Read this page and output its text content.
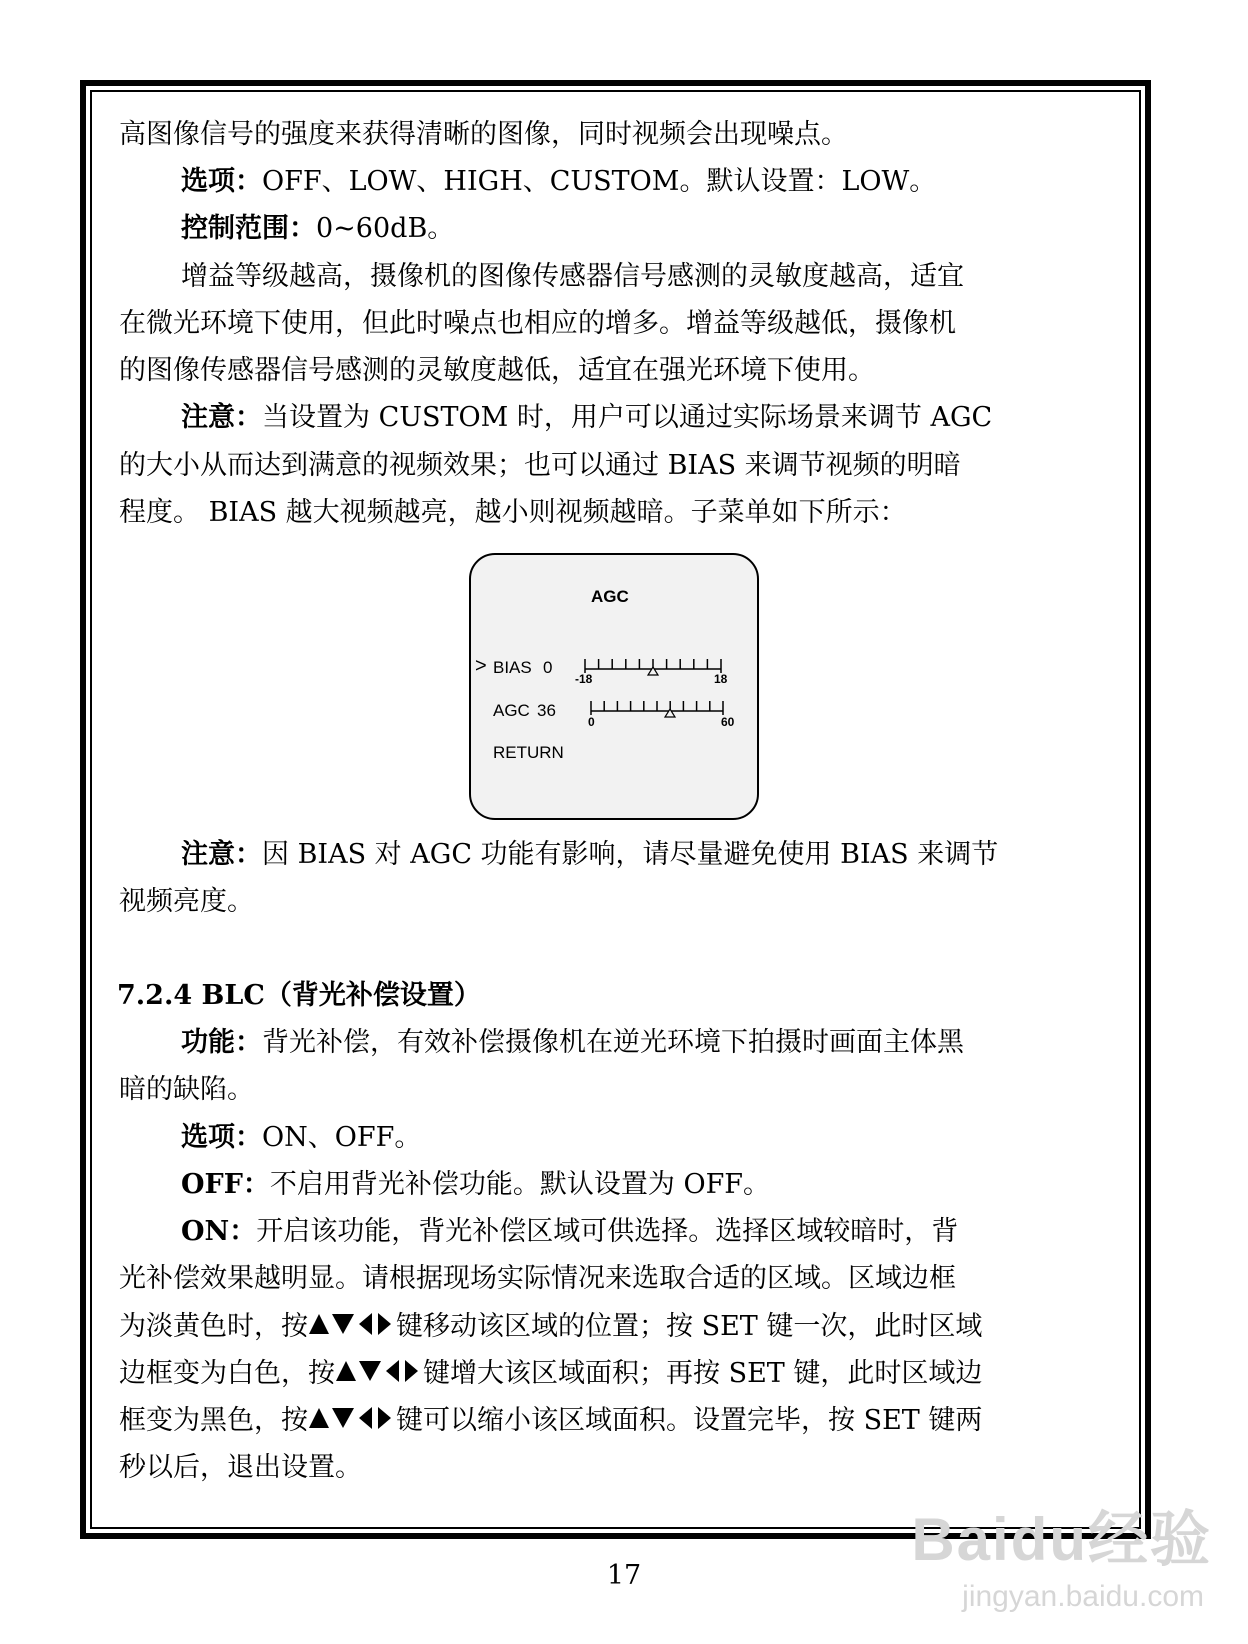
高图像信号的强度来获得清晰的图像，同时视频会出现噪点。
选项：OFF、LOW、HIGH、CUSTOM。默认设置：LOW。
控制范围：0~60dB。
增益等级越高，摄像机的图像传感器信号感测的灵敏度越高，适宜
在微光环境下使用，但此时噪点也相应的增多。增益等级越低，摄像机
的图像传感器信号感测的灵敏度越低，适宜在强光环境下使用。
注意：当设置为 CUSTOM 时，用户可以通过实际场景来调节 AGC
的大小从而达到满意的视频效果；也可以通过 BIAS 来调节视频的明暗
程度。 BIAS 越大视频越亮，越小则视频越暗。子菜单如下所示：
AGC
> BIAS 0
-18	18
AGC 36
0	60
RETURN
注意：因 BIAS 对 AGC 功能有影响，请尽量避免使用 BIAS 来调节
视频亮度。
7.2.4 BLC（背光补偿设置）
功能：背光补偿，有效补偿摄像机在逆光环境下拍摄时画面主体黑
暗的缺陷。
选项：ON、OFF。
OFF：不启用背光补偿功能。默认设置为 OFF。
ON：开启该功能，背光补偿区域可供选择。选择区域较暗时，背
光补偿效果越明显。请根据现场实际情况来选取合适的区域。区域边框
为淡黄色时，按	键移动该区域的位置；按 SET 键一次，此时区域
边框变为白色，按	键增大该区域面积；再按 SET 键，此时区域边
框变为黑色，按	键可以缩小该区域面积。设置完毕，按 SET 键两
秒以后，退出设置。
17
Baidu经验
jingyan.baidu.com
